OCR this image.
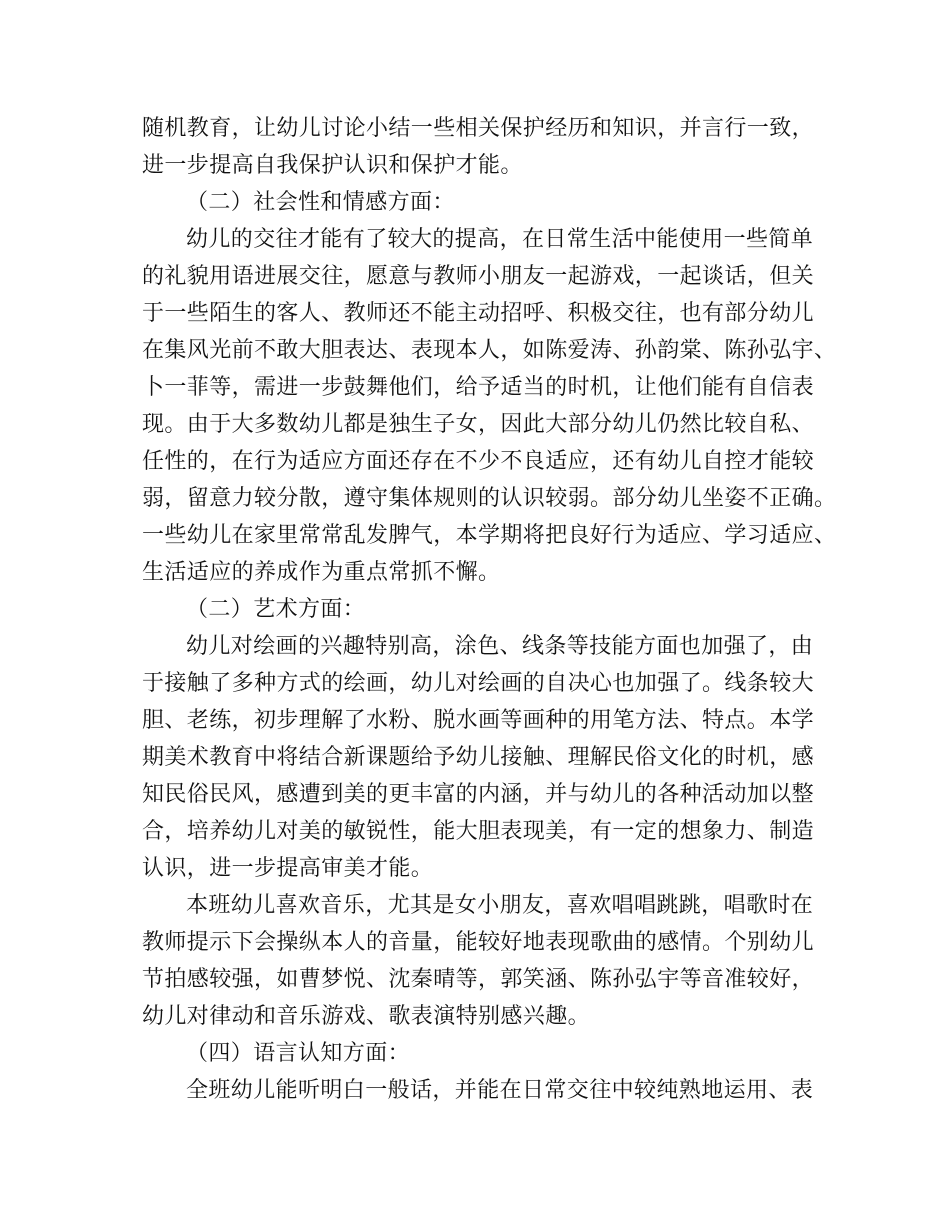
随机教育，让幼儿讨论小结一些相关保护经历和知识，并言行一致，
进一步提高自我保护认识和保护才能。
（二）社会性和情感方面：
幼儿的交往才能有了较大的提高，在日常生活中能使用一些简单
的礼貌用语进展交往，愿意与教师小朋友一起游戏，一起谈话，但关
于一些陌生的客人、教师还不能主动招呼、积极交往，也有部分幼儿
在集风光前不敢大胆表达、表现本人，如陈爱涛、孙韵棠、陈孙弘宇、
卜一菲等，需进一步鼓舞他们，给予适当的时机，让他们能有自信表
现。由于大多数幼儿都是独生子女，因此大部分幼儿仍然比较自私、
任性的，在行为适应方面还存在不少不良适应，还有幼儿自控才能较
弱，留意力较分散，遵守集体规则的认识较弱。部分幼儿坐姿不正确。
一些幼儿在家里常常乱发脾气，本学期将把良好行为适应、学习适应、
生活适应的养成作为重点常抓不懈。
（二）艺术方面：
幼儿对绘画的兴趣特别高，涂色、线条等技能方面也加强了，由
于接触了多种方式的绘画，幼儿对绘画的自决心也加强了。线条较大
胆、老练，初步理解了水粉、脱水画等画种的用笔方法、特点。本学
期美术教育中将结合新课题给予幼儿接触、理解民俗文化的时机，感
知民俗民风，感遭到美的更丰富的内涵，并与幼儿的各种活动加以整
合，培养幼儿对美的敏锐性，能大胆表现美，有一定的想象力、制造
认识，进一步提高审美才能。
本班幼儿喜欢音乐，尤其是女小朋友，喜欢唱唱跳跳，唱歌时在
教师提示下会操纵本人的音量，能较好地表现歌曲的感情。个别幼儿
节拍感较强，如曹梦悦、沈秦晴等，郭笑涵、陈孙弘宇等音准较好，
幼儿对律动和音乐游戏、歌表演特别感兴趣。
（四）语言认知方面：
全班幼儿能听明白一般话，并能在日常交往中较纯熟地运用、表
